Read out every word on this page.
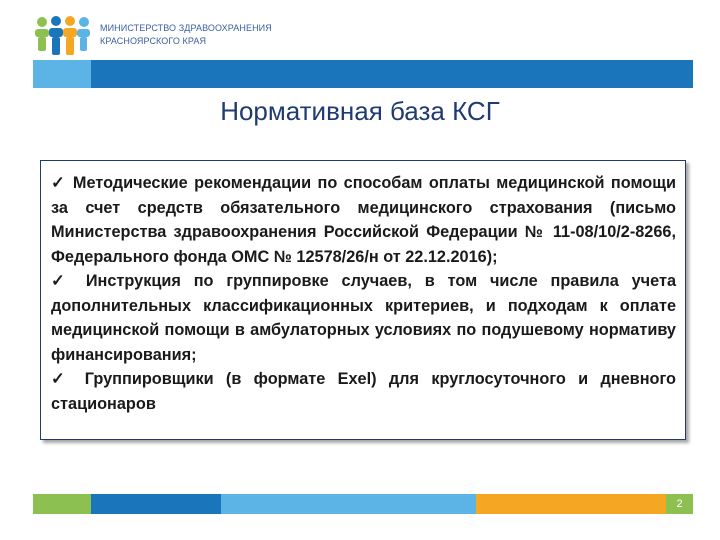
МИНИСТЕРСТВО ЗДРАВООХРАНЕНИЯ
КРАСНОЯРСКОГО КРАЯ
Нормативная база КСГ

✓ Методические рекомендации по способам оплаты медицинской помощи за счет средств обязательного медицинского страхования (письмо Министерства здравоохранения Российской Федерации № 11-08/10/2-8266, Федерального фонда ОМС № 12578/26/н от 22.12.2016);

✓ Инструкция по группировке случаев, в том числе правила учета дополнительных классификационных критериев, и подходам к оплате медицинской помощи в амбулаторных условиях по подушевому нормативу финансирования;

✓ Группировщики (в формате Exel) для круглосуточного и дневного стационаров

2
